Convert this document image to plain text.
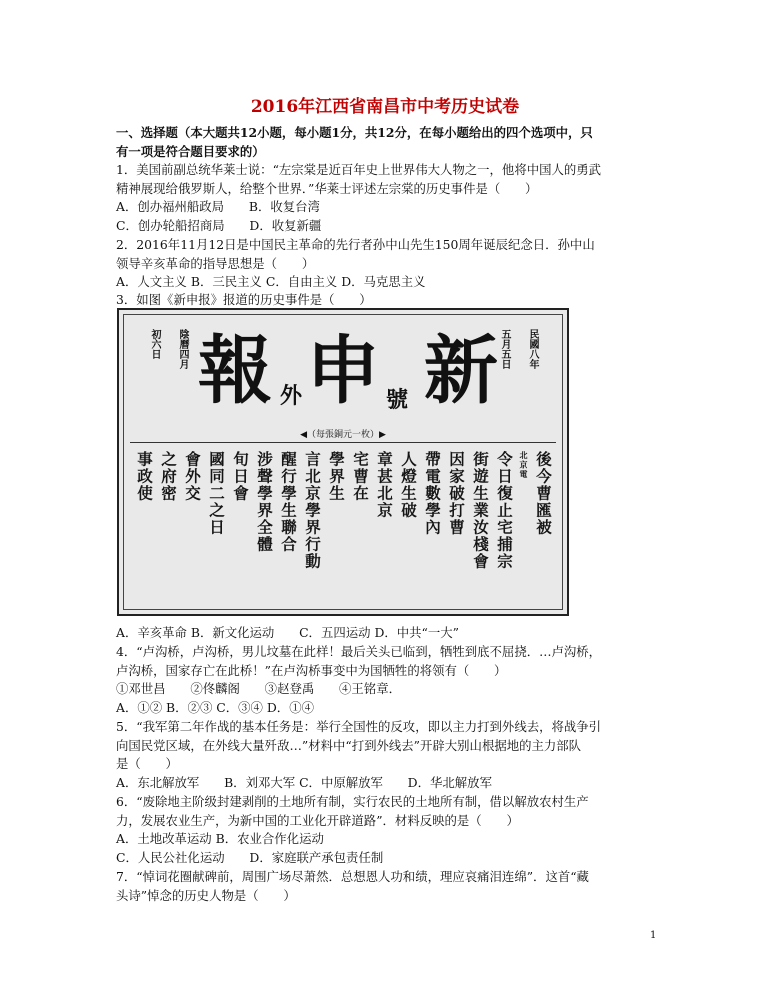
2016年江西省南昌市中考历史试卷
一、选择题（本大题共12小题，每小题1分，共12分，在每小题给出的四个选项中，只
有一项是符合题目要求的）
1．美国前副总统华莱士说：“左宗棠是近百年史上世界伟大人物之一，他将中国人的勇武
精神展现给俄罗斯人，给整个世界．”华莱士评述左宗棠的历史事件是（　　）
A．创办福州船政局　　B．收复台湾
C．创办轮船招商局　　D．收复新疆
2．2016年11月12日是中国民主革命的先行者孙中山先生150周年诞辰纪念日．孙中山
领导辛亥革命的指导思想是（　　）
A．人文主义 B．三民主义 C．自由主义 D．马克思主义
3．如图《新申报》报道的历史事件是（　　）
民國八年
五月五日
陰曆四月
初六日	新
申
報	號
外
◀（每張銅元一枚）▶
後今曹匯被
北京電
令日復止宅捕宗
街遊生業汝棧會
因家破打曹
帶電數學內
人燈生破
章甚北京
宅曹在
學界生
言北京學界行動
醒行學生聯合
涉聲學界全體
旬日會
國同二之日
會外交
之府密
事政使
A．辛亥革命 B．新文化运动　　C．五四运动 D．中共“一大”
4．“卢沟桥，卢沟桥，男儿坟墓在此样！最后关头已临到，牺牲到底不屈挠．…卢沟桥，
卢沟桥，国家存亡在此桥！”在卢沟桥事变中为国牺牲的将领有（　　）
①邓世昌　　②佟麟阁　　③赵登禹　　④王铭章．
A．①② B．②③ C．③④ D．①④
5．“我军第二年作战的基本任务是：举行全国性的反攻，即以主力打到外线去，将战争引
向国民党区域，在外线大量歼敌…”材料中“打到外线去”开辟大别山根据地的主力部队
是（　　）
A．东北解放军　　B．刘邓大军 C．中原解放军　　D．华北解放军
6．“废除地主阶级封建剥削的土地所有制，实行农民的土地所有制，借以解放农村生产
力，发展农业生产，为新中国的工业化开辟道路”．材料反映的是（　　）
A．土地改革运动 B．农业合作化运动
C．人民公社化运动　　D．家庭联产承包责任制
7．“悼词花圈献碑前，周围广场尽萧然．总想恩人功和绩，理应哀痛泪连绵”．这首“藏
头诗”悼念的历史人物是（　　）
1
